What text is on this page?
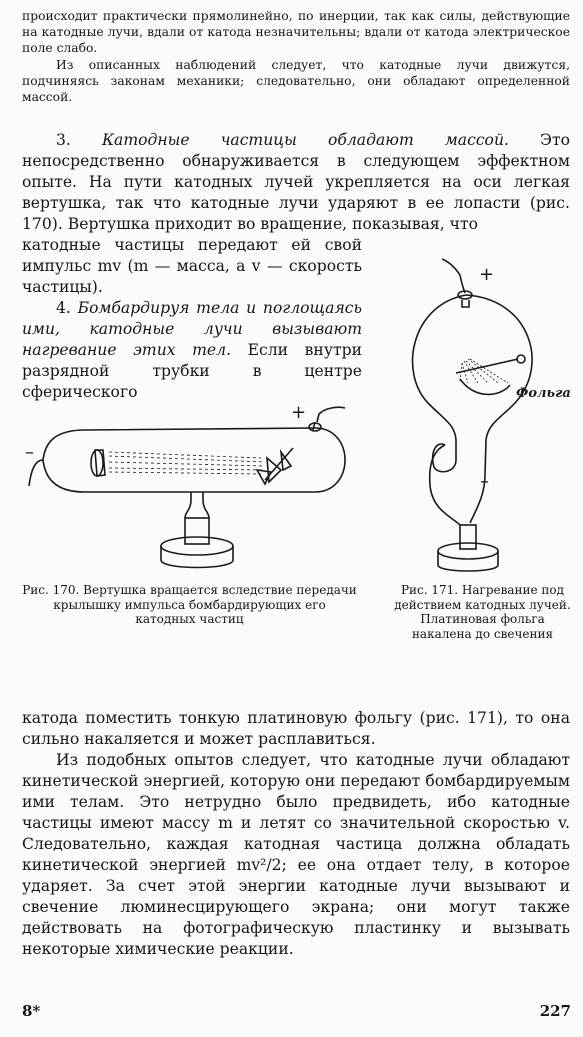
происходит практически прямолинейно, по инерции, так как силы, действующие на катодные лучи, вдали от катода незначительны; вдали от катода электрическое поле слабо.

Из описанных наблюдений следует, что катодные лучи движутся, подчиняясь законам механики; следовательно, они обладают определенной массой.

3. Катодные частицы обладают массой. Это непосредственно обнаруживается в следующем эффектном опыте. На пути катодных лучей укрепляется на оси легкая вертушка, так что катодные лучи ударяют в ее лопасти (рис. 170). Вертушка приходит во вращение, показывая, что

катодные частицы передают ей свой импульс mv (m — масса, а v — скорость частицы).

4. Бомбардируя тела и поглощаясь ими, катодные лучи вызывают нагревание этих тел. Если внутри разрядной трубки в центре сферического

+
–
Фольга
+
–
Рис. 170. Вертушка вращается вследствие передачи крылышку импульса бомбардирующих его катодных частиц
Рис. 171. Нагревание под действием катодных лучей. Платиновая фольга накалена до свечения

катода поместить тонкую платиновую фольгу (рис. 171), то она сильно накаляется и может расплавиться.

Из подобных опытов следует, что катодные лучи обладают кинетической энергией, которую они передают бомбардируемым ими телам. Это нетрудно было предвидеть, ибо катодные частицы имеют массу m и летят со значительной скоростью v. Следовательно, каждая катодная частица должна обладать кинетической энергией mv²/2; ее она отдает телу, в которое ударяет. За счет этой энергии катодные лучи вызывают и свечение люминесцирующего экрана; они могут также действовать на фотографическую пластинку и вызывать некоторые химические реакции.

8*	227
